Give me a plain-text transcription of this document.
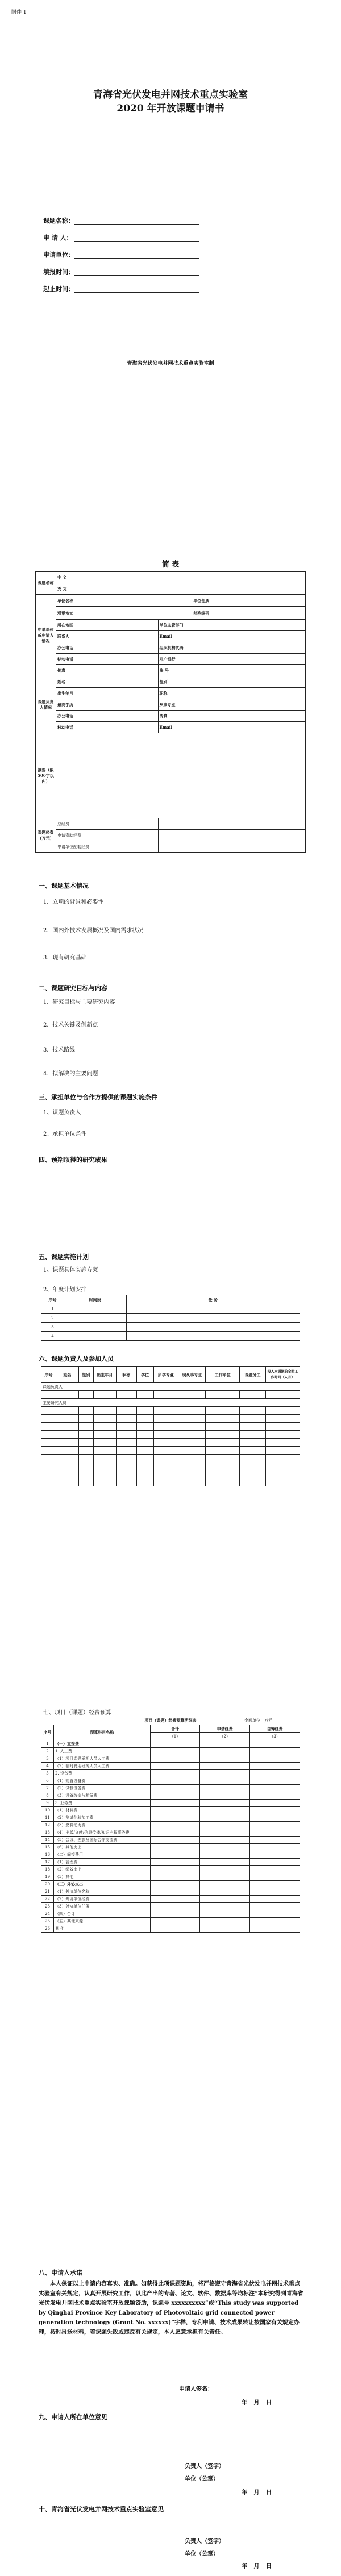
附件 1
青海省光伏发电并网技术重点实验室
2020 年开放课题申请书
课题名称：
申 请 人：
申请单位：
填报时间：
起止时间：
青海省光伏发电并网技术重点实验室制
简 表
课题名称	中 文			
	英 文			
申请单位或申请人情况	单位名称			单位性质
	通讯地址			邮政编码
	所在地区		单位主管部门	
	联系人		Email	
	办公电话		组织机构代码	
	移动电话		开户银行	
	传真		账 号	
课题负责人情况	姓名		性别	
	出生年月		职称	
	最高学历		从事专业	
	办公电话		传真	
	移动电话		Email	
摘要（限500字以内）				
课题经费（万元）	总经费			
	申请资助经费			
	申请单位配套经费			
一、课题基本情况
1．立项的背景和必要性
2．国内外技术发展概况及国内需求状况
3．现有研究基础
二、课题研究目标与内容
1．研究目标与主要研究内容
2．技术关键及创新点
3．技术路线
4．拟解决的主要问题
三、承担单位与合作方提供的课题实施条件
1、课题负责人
2、承担单位条件
四、预期取得的研究成果
五、课题实施计划
1、课题具体实施方案
2、年度计划安排
序号	时间段	任 务
1		
2		
3		
4		
六、课题负责人及参加人员
序号	姓名	性别	出生年月	职称	学位	所学专业	现从事专业	工作单位	课题分工	投入本课题的全时工作时间（人月）
课题负责人										

主要研究人员										

七、项目（课题）经费预算
项目（课题）经费预算明细表	金额单位：万元
序号	预算科目名称	合计	申请经费	自筹经费
		（1）	（2）	（3）
1	（一）直接费			
2	1. 人工费			
3	（1）项目课题承担人员人工费			
4	（2）临时聘用研究人员人工费			
5	2. 设备费			
6	（1）购置设备费			
7	（2）试制设备费			
8	（3）设备改造与租赁费			
9	3. 业务费			
10	（1）材料费			
11	（2）测试化验加工费			
12	（3）燃料动力费			
13	（4）出版/文献/信息传播/知识产权事务费			
14	（5）会议、差旅及国际合作交流费			
15	（6）其他支出			
16	（二）间接费用			
17	（1）管理费			
18	（2）绩效支出			
19	（3）其他			
20	（三）外协支出			
21	（1）外协单位名称			
22	（2）外协单位经费			
23	（3）外协单位任务			
24	（四）合计			
25	（五）其他来源			
26	其 他			
八、申请人承诺
本人保证以上申请内容真实、准确。如获得此项课题资助，将严格遵守青海省光伏发电并网技术重点实验室有关规定，认真开展研究工作，以此产出的专著、论文、软件、数据库等均标注“本研究得到青海省光伏发电并网技术重点实验室开放课题资助，课题号 xxxxxxxxxx”或“This study was supported by Qinghai Province Key Laboratory of Photovoltaic grid connected power generation technology (Grant No. xxxxxx)”字样，专利申请、技术成果转让按国家有关规定办理，按时报送材料，若课题失败或违反有关规定，本人愿意承担有关责任。
申请人签名：
年 月 日
九、申请人所在单位意见
负责人（签字）
单位（公章）
年 月 日
十、青海省光伏发电并网技术重点实验室意见
负责人（签字）
单位（公章）
年 月 日
